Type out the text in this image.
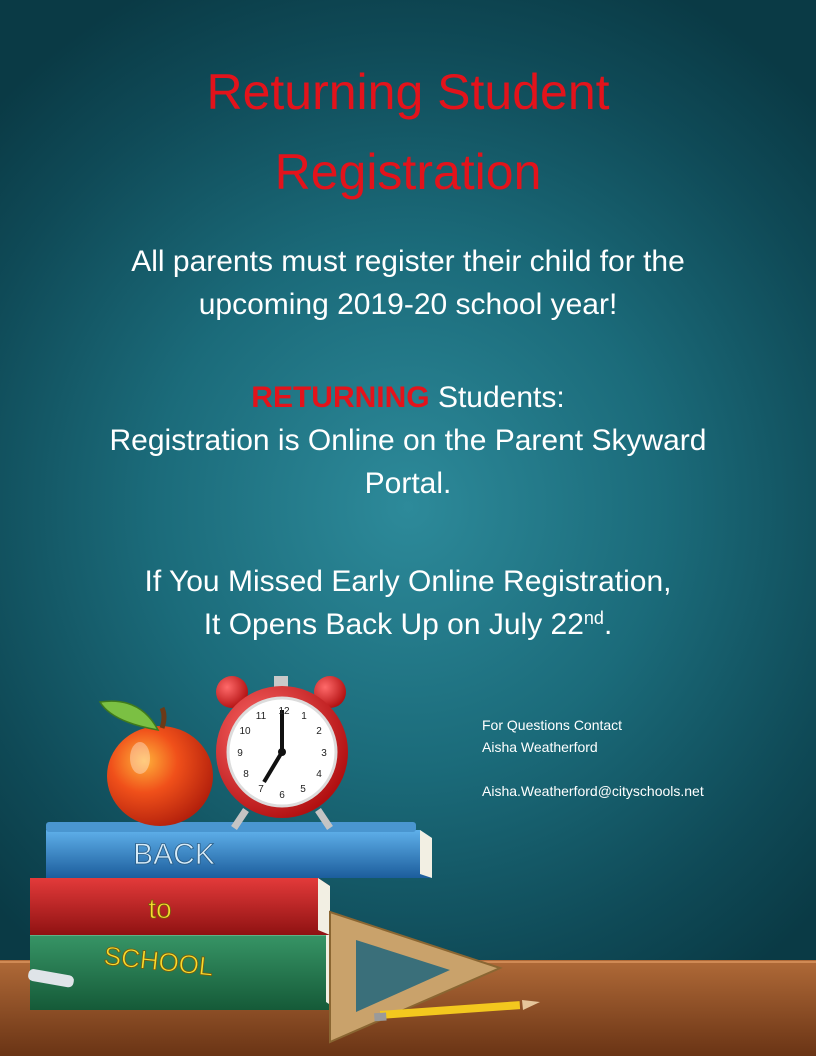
Returning Student
Registration
All parents must register their child for the
upcoming 2019-20 school year!
RETURNING Students:
Registration is Online on the Parent Skyward
Portal.
If You Missed Early Online Registration,
It Opens Back Up on July 22nd.
For Questions Contact
Aisha Weatherford
Aisha.Weatherford@cityschools.net
SCHOOL
to
BACK
12 1
2
3
4
5
6
7
8
9
10
11
